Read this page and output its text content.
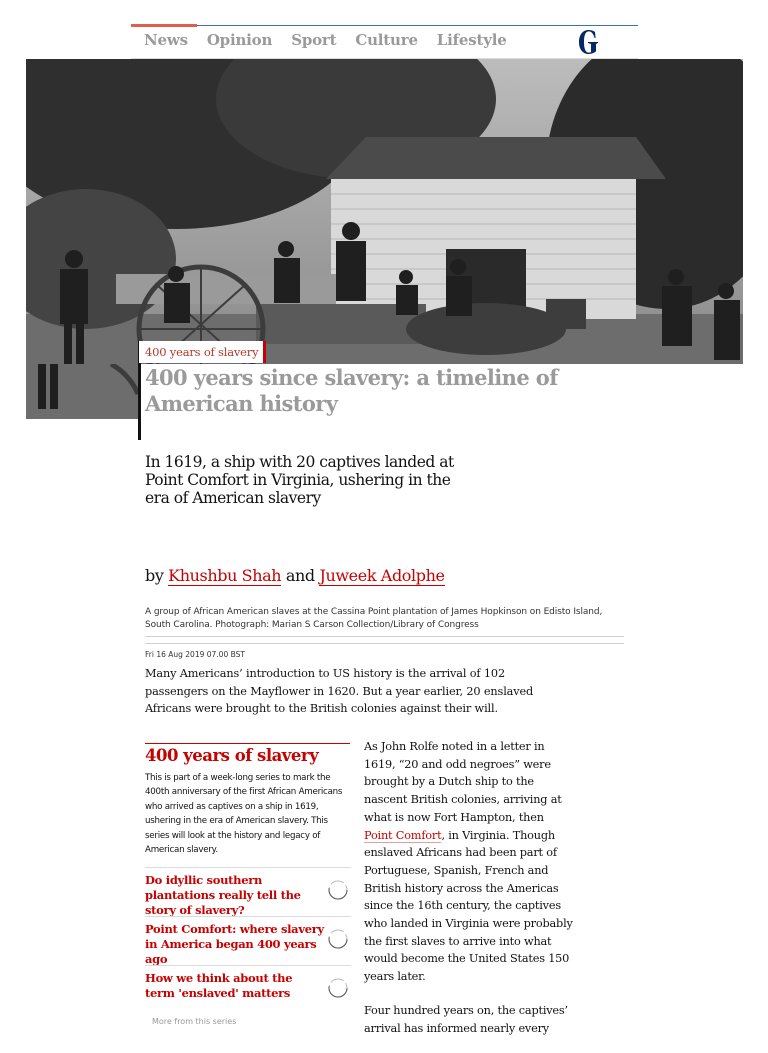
News Opinion Sport Culture Lifestyle
400 years of slavery
400 years since slavery: a timeline of American history

In 1619, a ship with 20 captives landed at Point Comfort in Virginia, ushering in the era of American slavery

by Khushbu Shah and Juweek Adolphe

A group of African American slaves at the Cassina Point plantation of James Hopkinson on Edisto Island, South Carolina. Photograph: Marian S Carson Collection/Library of Congress

Fri 16 Aug 2019 07.00 BST

Many Americans’ introduction to US history is the arrival of 102 passengers on the Mayflower in 1620. But a year earlier, 20 enslaved Africans were brought to the British colonies against their will.

400 years of slavery

This is part of a week-long series to mark the 400th anniversary of the first African Americans who arrived as captives on a ship in 1619, ushering in the era of American slavery. This series will look at the history and legacy of American slavery.

Do idyllic southern plantations really tell the story of slavery?
Point Comfort: where slavery in America began 400 years ago
How we think about the term 'enslaved' matters
More from this series

As John Rolfe noted in a letter in 1619, “20 and odd negroes” were brought by a Dutch ship to the nascent British colonies, arriving at what is now Fort Hampton, then Point Comfort, in Virginia. Though enslaved Africans had been part of Portuguese, Spanish, French and British history across the Americas since the 16th century, the captives who landed in Virginia were probably the first slaves to arrive into what would become the United States 150 years later.

Four hundred years on, the captives’ arrival has informed nearly every
